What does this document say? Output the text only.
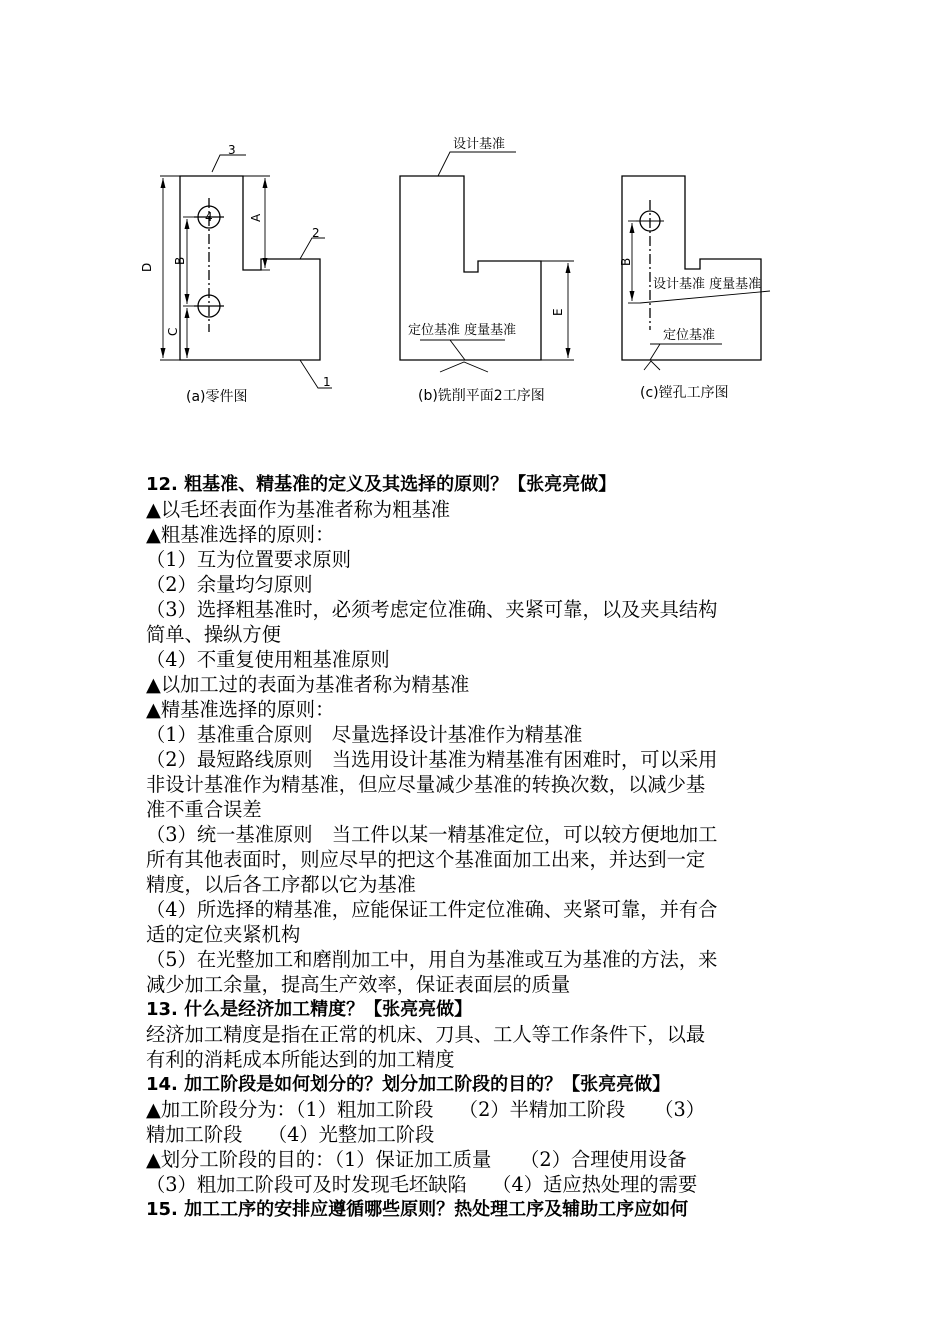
3
2
1
4
D
B
C
A
(a)零件图
设计基准
定位基准 度量基准
E
(b)铣削平面2工序图
B
设计基准 度量基准
定位基准
(c)镗孔工序图
12. 粗基准、精基准的定义及其选择的原则？【张亮亮做】
▲以毛坯表面作为基准者称为粗基准
▲粗基准选择的原则：
（1）互为位置要求原则
（2）余量均匀原则
（3）选择粗基准时，必须考虑定位准确、夹紧可靠，以及夹具结构
简单、操纵方便
（4）不重复使用粗基准原则
▲以加工过的表面为基准者称为精基准
▲精基准选择的原则：
（1）基准重合原则　尽量选择设计基准作为精基准
（2）最短路线原则　当选用设计基准为精基准有困难时，可以采用
非设计基准作为精基准，但应尽量减少基准的转换次数，以减少基
准不重合误差
（3）统一基准原则　当工件以某一精基准定位，可以较方便地加工
所有其他表面时，则应尽早的把这个基准面加工出来，并达到一定
精度，以后各工序都以它为基准
（4）所选择的精基准，应能保证工件定位准确、夹紧可靠，并有合
适的定位夹紧机构
（5）在光整加工和磨削加工中，用自为基准或互为基准的方法，来
减少加工余量，提高生产效率，保证表面层的质量
13. 什么是经济加工精度？【张亮亮做】
经济加工精度是指在正常的机床、刀具、工人等工作条件下，以最
有利的消耗成本所能达到的加工精度
14. 加工阶段是如何划分的？划分加工阶段的目的？【张亮亮做】
▲加工阶段分为：（1）粗加工阶段　 （2）半精加工阶段　　（3）
精加工阶段　 （4）光整加工阶段
▲划分工阶段的目的：（1）保证加工质量　　（2）合理使用设备
（3）粗加工阶段可及时发现毛坯缺陷　 （4）适应热处理的需要
15. 加工工序的安排应遵循哪些原则？热处理工序及辅助工序应如何
